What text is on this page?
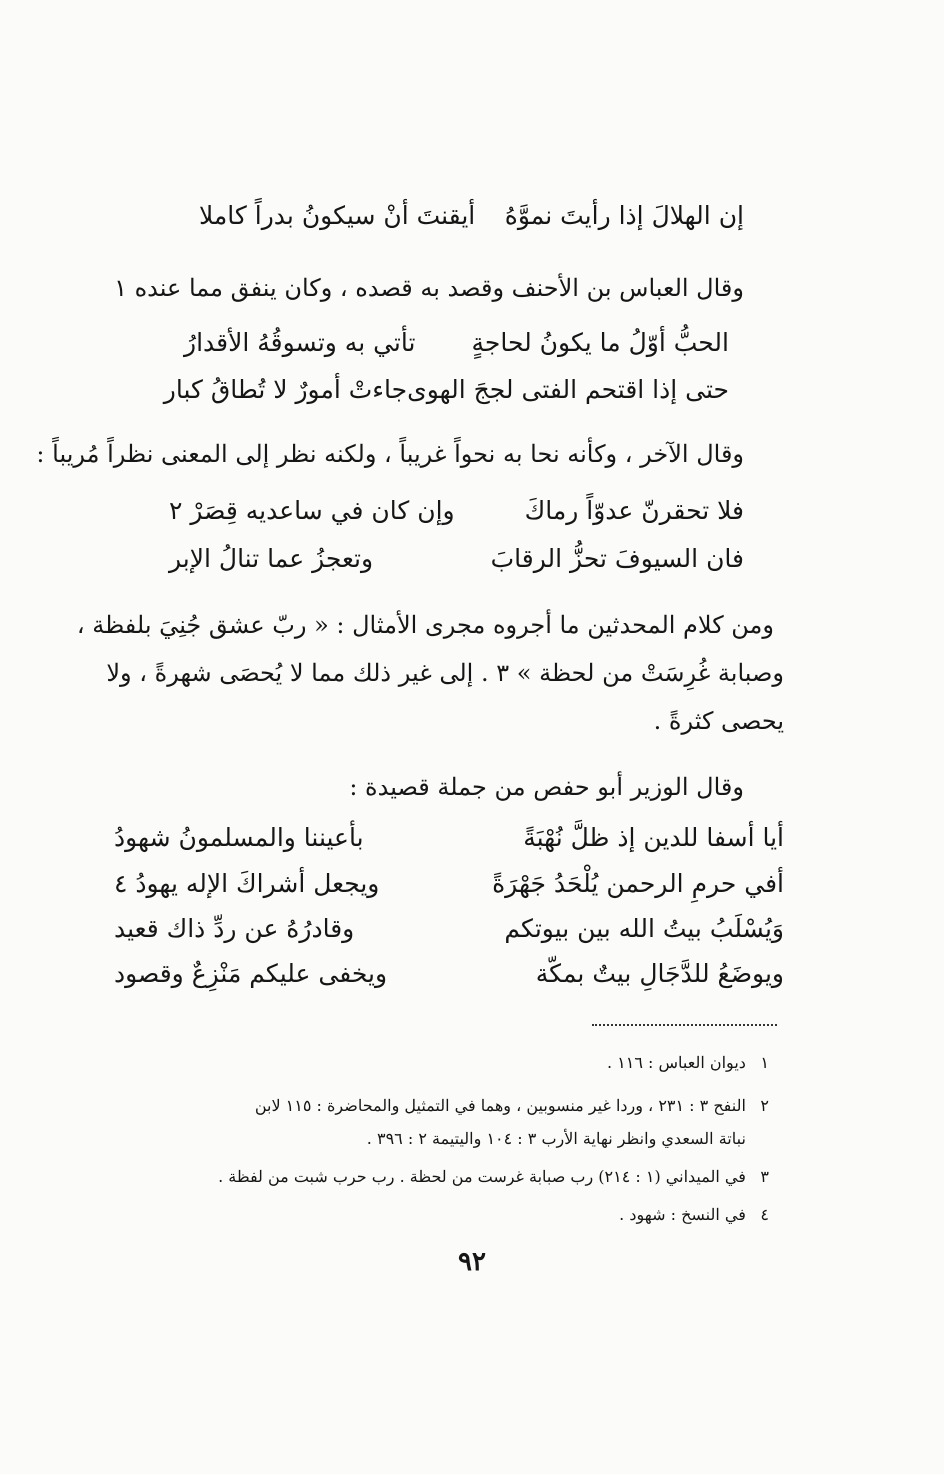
إن الهلالَ إذا رأيتَ نموَّهُ
أيقنتَ أنْ سيكونُ بدراً كاملا
وقال العباس بن الأحنف وقصد به قصده ، وكان ينفق مما عنده ١
الحبُّ أوّلُ ما يكونُ لحاجةٍ
تأتي به وتسوقُهُ الأقدارُ
حتى إذا اقتحم الفتى لججَ الهوى
جاءتْ أمورٌ لا تُطاقُ كبار
وقال الآخر ، وكأنه نحا به نحواً غريباً ، ولكنه نظر إلى المعنى نظراً مُريباً :
فلا تحقرنّ عدوّاً رماكَ
وإن كان في ساعديه قِصَرْ ٢
فان السيوفَ تحزُّ الرقابَ
وتعجزُ عما تنالُ الإبر
ومن كلام المحدثين ما أجروه مجرى الأمثال : « ربّ عشق جُنِيَ بلفظة ،
وصبابة غُرِسَتْ من لحظة » ٣ . إلى غير ذلك مما لا يُحصَى شهرةً ، ولا
يحصى كثرةً .
وقال الوزير أبو حفص من جملة قصيدة :
أيا أسفا للدين إذ ظلَّ نُهْبَةً
بأعيننا والمسلمونُ شهودُ
أفي حرمِ الرحمن يُلْحَدُ جَهْرَةً
ويجعل أشراكَ الإله يهودُ ٤
وَيُسْلَبُ بيتُ الله بين بيوتكم
وقادرُهُ عن ردِّ ذاك قعيد
ويوضَعُ للدَّجَالِ بيتٌ بمكّة
ويخفى عليكم مَنْزِعٌ وقصود
١ ديوان العباس : ١١٦ .
٢ النفح ٣ : ٢٣١ ، وردا غير منسوبين ، وهما في التمثيل والمحاضرة : ١١٥ لابن
نباتة السعدي وانظر نهاية الأرب ٣ : ١٠٤ واليتيمة ٢ : ٣٩٦ .
٣ في الميداني (١ : ٢١٤) رب صبابة غرست من لحظة . رب حرب شبت من لفظة .
٤ في النسخ : شهود .
٩٢
